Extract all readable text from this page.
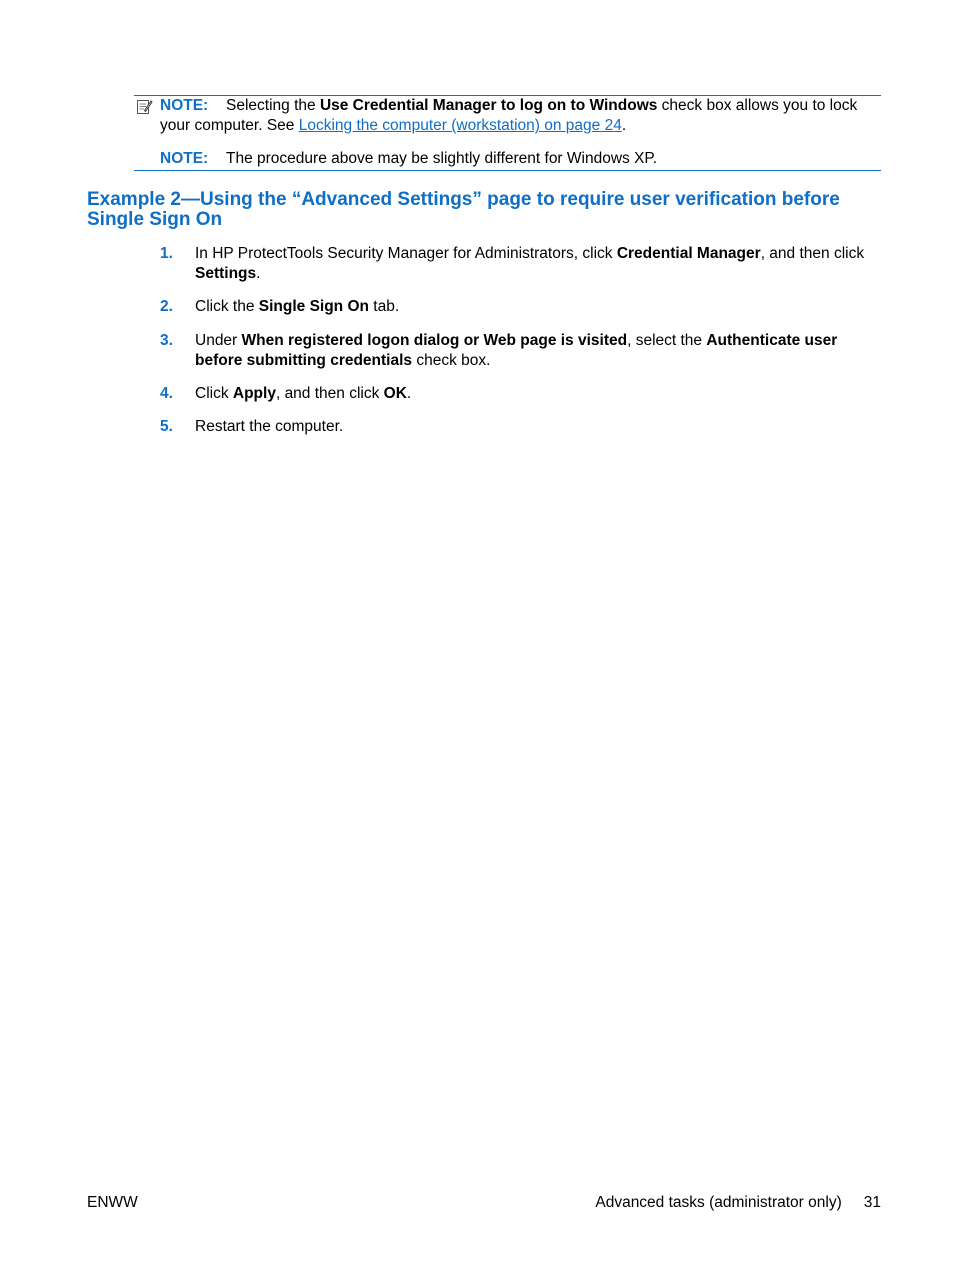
NOTE: Selecting the Use Credential Manager to log on to Windows check box allows you to lock
your computer. See Locking the computer (workstation) on page 24.
NOTE: The procedure above may be slightly different for Windows XP.
Example 2—Using the “Advanced Settings” page to require user verification before Single Sign On
1. In HP ProtectTools Security Manager for Administrators, click Credential Manager, and then click
Settings.
2. Click the Single Sign On tab.
3. Under When registered logon dialog or Web page is visited, select the Authenticate user before submitting credentials check box.
4. Click Apply, and then click OK.
5. Restart the computer.
ENWW	Advanced tasks (administrator only) 31
